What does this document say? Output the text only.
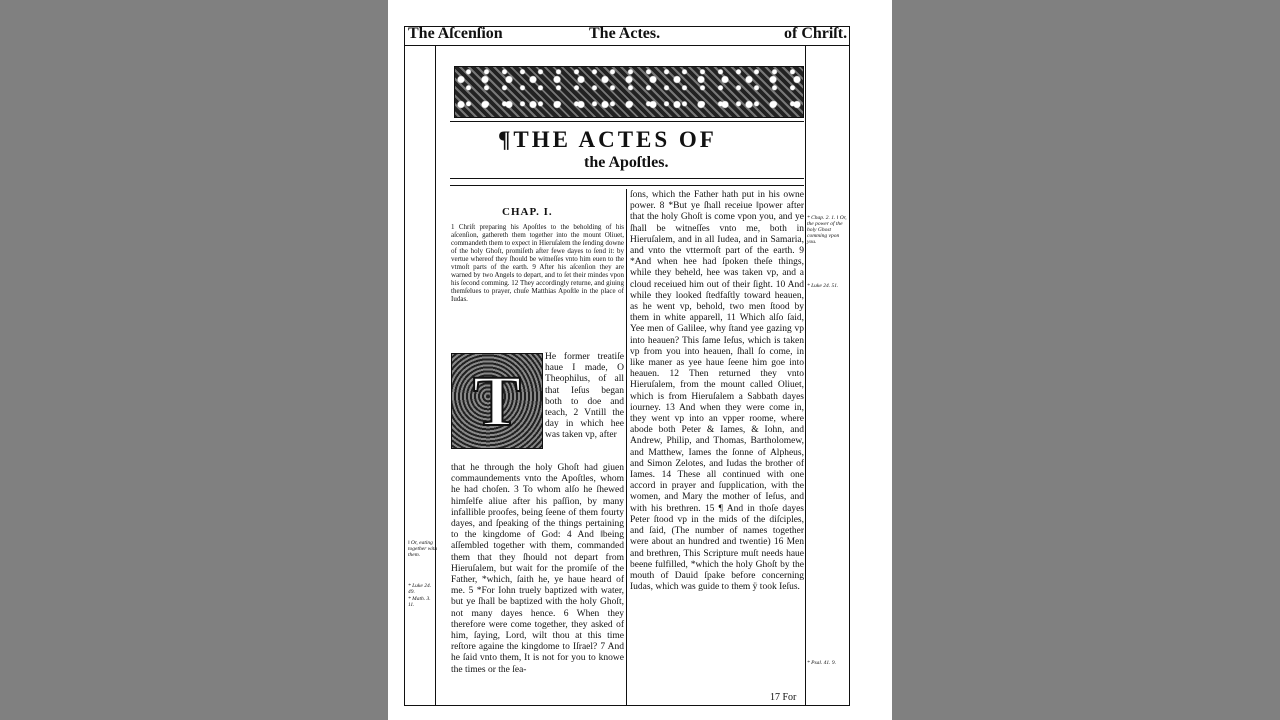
The Aſcenſion	The Actes.	of Chriſt.
¶THE ACTES OF
the Apoſtles.
CHAP. I.
1 Chriſt preparing his Apoſtles to the beholding of his aſcenſion, gathereth them together into the mount Oliuet, commandeth them to expect in Hieruſalem the ſending downe of the holy Ghoſt, promiſeth after fewe dayes to ſend it: by vertue whereof they ſhould be witneſſes vnto him euen to the vtmoſt parts of the earth. 9 After his aſcenſion they are warned by two Angels to depart, and to ſet their mindes vpon his ſecond comming. 12 They accordingly returne, and giuing themſelues to prayer, chuſe Matthias Apoſtle in the place of Iudas.
T
He former treatiſe haue I made, O Theophilus, of all that Ieſus began both to doe and teach, 2 Vntill the day in which hee was taken vp, after
that he through the holy Ghoſt had giuen commaundements vnto the Apoſtles, whom he had choſen. 3 To whom alſo he ſhewed himſelfe aliue after his paſſion, by many infallible proofes, being ſeene of them fourty dayes, and ſpeaking of the things pertaining to the kingdome of God: 4 And ‖being aſſembled together with them, commanded them that they ſhould not depart from Hieruſalem, but wait for the promiſe of the Father, *which, ſaith he, ye haue heard of me. 5 *For Iohn truely baptized with water, but ye ſhall be baptized with the holy Ghoſt, not many dayes hence. 6 When they therefore were come together, they asked of him, ſaying, Lord, wilt thou at this time reſtore againe the kingdome to Iſrael? 7 And he ſaid vnto them, It is not for you to knowe the times or the ſea-
ſons, which the Father hath put in his owne power. 8 *But ye ſhall receiue ‖power after that the holy Ghoſt is come vpon you, and ye ſhall be witneſſes vnto me, both in Hieruſalem, and in all Iudea, and in Samaria, and vnto the vttermoſt part of the earth. 9 *And when hee had ſpoken theſe things, while they beheld, hee was taken vp, and a cloud receiued him out of their ſight. 10 And while they looked ſtedfaſtly toward heauen, as he went vp, behold, two men ſtood by them in white apparell, 11 Which alſo ſaid, Yee men of Galilee, why ſtand yee gazing vp into heauen? This ſame Ieſus, which is taken vp from you into heauen, ſhall ſo come, in like maner as yee haue ſeene him goe into heauen. 12 Then returned they vnto Hieruſalem, from the mount called Oliuet, which is from Hieruſalem a Sabbath dayes iourney. 13 And when they were come in, they went vp into an vpper roome, where abode both Peter & Iames, & Iohn, and Andrew, Philip, and Thomas, Bartholomew, and Matthew, Iames the ſonne of Alpheus, and Simon Zelotes, and Iudas the brother of Iames. 14 These all continued with one accord in prayer and ſupplication, with the women, and Mary the mother of Ieſus, and with his brethren. 15 ¶ And in thoſe dayes Peter ſtood vp in the mids of the diſciples, and ſaid, (The number of names together were about an hundred and twentie) 16 Men and brethren, This Scripture muſt needs haue beene fulfilled, *which the holy Ghoſt by the mouth of Dauid ſpake before concerning Iudas, which was guide to them ÿ took Ieſus.
‖ Or, eating together with them.
* Luke 24. 49.
* Math. 3. 11.
* Chap. 2. 1. ‖ Or, the power of the holy Ghost comming vpon you.
* Luke 24. 51.
* Psal. 41. 9.
17 For
